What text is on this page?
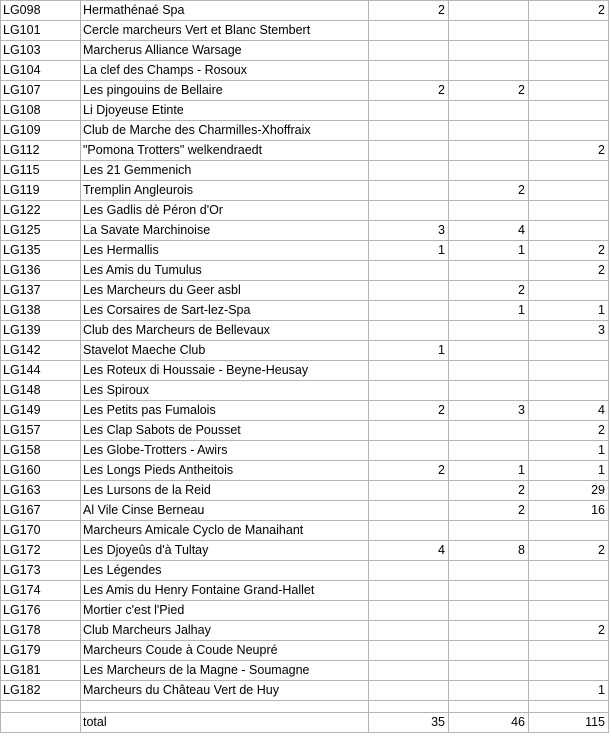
LG098	Hermathénaé Spa	2		2
LG101	Cercle marcheurs Vert et Blanc Stembert			
LG103	Marcherus Alliance Warsage			
LG104	La clef des Champs - Rosoux			
LG107	Les pingouins de Bellaire	2	2	
LG108	Li Djoyeuse Etinte			
LG109	Club de Marche des Charmilles-Xhoffraix			
LG112	"Pomona Trotters" welkendraedt			2
LG115	Les 21 Gemmenich			
LG119	Tremplin Angleurois		2	
LG122	Les Gadlis dè Péron d'Or			
LG125	La Savate Marchinoise	3	4	
LG135	Les Hermallis	1	1	2
LG136	Les Amis du Tumulus			2
LG137	Les Marcheurs du Geer asbl		2	
LG138	Les Corsaires de Sart-lez-Spa		1	1
LG139	Club des Marcheurs de Bellevaux			3
LG142	Stavelot Maeche Club	1		
LG144	Les Roteux di Houssaie - Beyne-Heusay			
LG148	Les Spiroux			
LG149	Les Petits pas Fumalois	2	3	4
LG157	Les Clap Sabots de Pousset			2
LG158	Les Globe-Trotters - Awirs			1
LG160	Les Longs Pieds Antheitois	2	1	1
LG163	Les Lursons de la Reid		2	29
LG167	Al Vile Cinse Berneau		2	16
LG170	Marcheurs Amicale Cyclo de Manaihant			
LG172	Les Djoyeûs d'à Tultay	4	8	2
LG173	Les Légendes			
LG174	Les Amis du Henry Fontaine Grand-Hallet			
LG176	Mortier c'est l'Pied			
LG178	Club Marcheurs Jalhay			2
LG179	Marcheurs Coude à Coude Neupré			
LG181	Les Marcheurs de la Magne - Soumagne			
LG182	Marcheurs du Château Vert de Huy			1

	total	35	46	115
